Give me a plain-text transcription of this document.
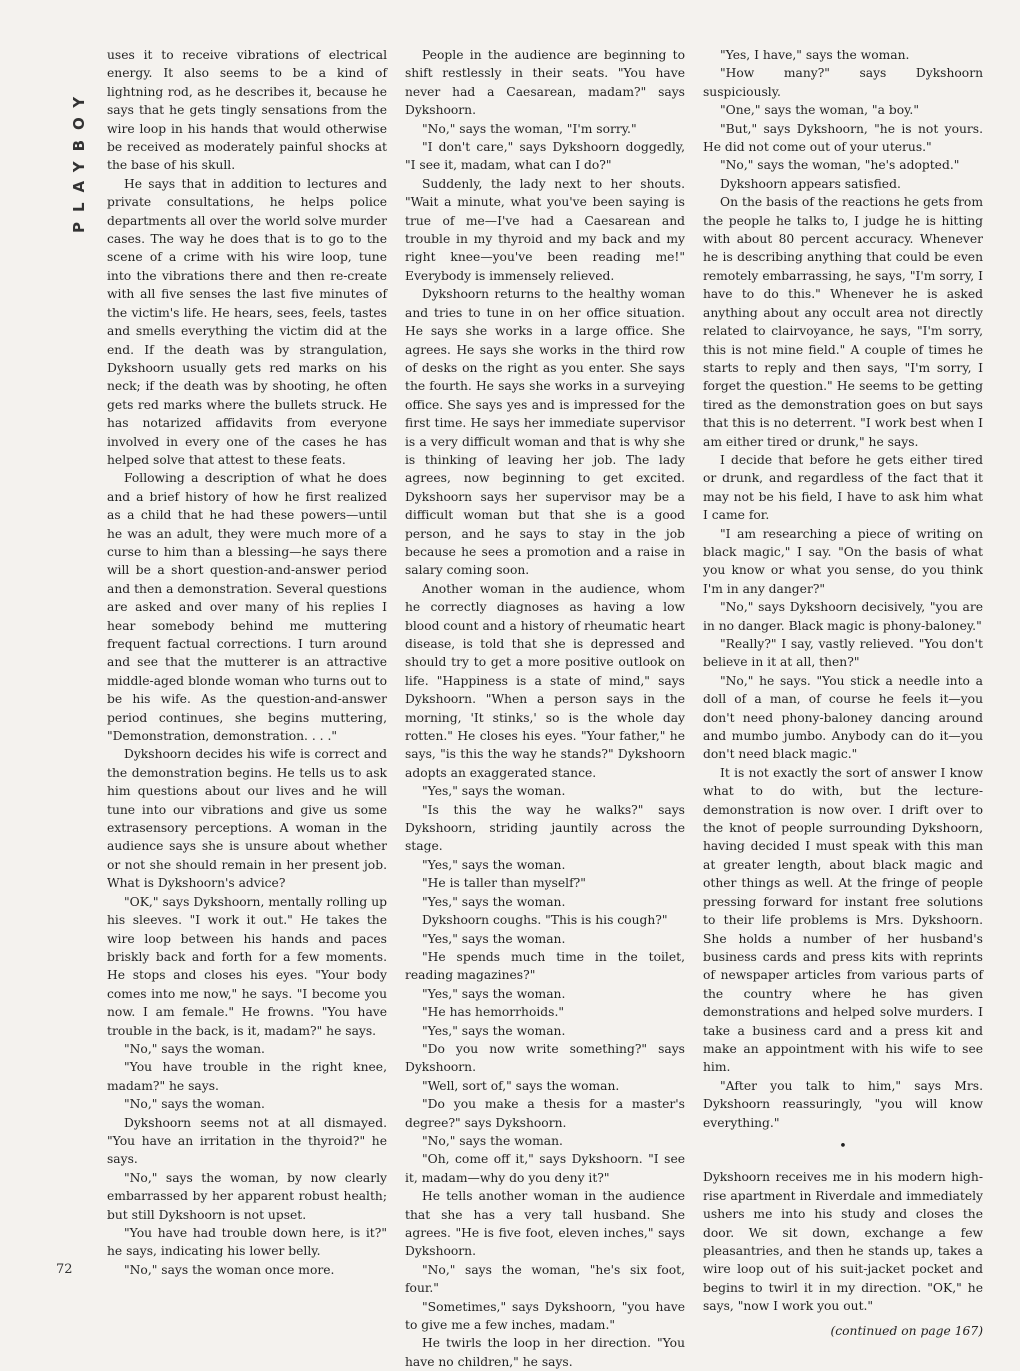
PLAYBOY
72

uses it to receive vibrations of electrical energy. It also seems to be a kind of lightning rod, as he describes it, because he says that he gets tingly sensations from the wire loop in his hands that would otherwise be received as moderately painful shocks at the base of his skull.

He says that in addition to lectures and private consultations, he helps police departments all over the world solve murder cases. The way he does that is to go to the scene of a crime with his wire loop, tune into the vibrations there and then re-create with all five senses the last five minutes of the victim's life. He hears, sees, feels, tastes and smells everything the victim did at the end. If the death was by strangulation, Dykshoorn usually gets red marks on his neck; if the death was by shooting, he often gets red marks where the bullets struck. He has notarized affidavits from everyone involved in every one of the cases he has helped solve that attest to these feats.

Following a description of what he does and a brief history of how he first realized as a child that he had these powers—until he was an adult, they were much more of a curse to him than a blessing—he says there will be a short question-and-answer period and then a demonstration. Several questions are asked and over many of his replies I hear somebody behind me muttering frequent factual corrections. I turn around and see that the mutterer is an attractive middle-aged blonde woman who turns out to be his wife. As the question-and-answer period continues, she begins muttering, "Demonstration, demonstration. . . ."

Dykshoorn decides his wife is correct and the demonstration begins. He tells us to ask him questions about our lives and he will tune into our vibrations and give us some extrasensory perceptions. A woman in the audience says she is unsure about whether or not she should remain in her present job. What is Dykshoorn's advice?

"OK," says Dykshoorn, mentally rolling up his sleeves. "I work it out." He takes the wire loop between his hands and paces briskly back and forth for a few moments. He stops and closes his eyes. "Your body comes into me now," he says. "I become you now. I am female." He frowns. "You have trouble in the back, is it, madam?" he says.

"No," says the woman.

"You have trouble in the right knee, madam?" he says.

"No," says the woman.

Dykshoorn seems not at all dismayed. "You have an irritation in the thyroid?" he says.

"No," says the woman, by now clearly embarrassed by her apparent robust health; but still Dykshoorn is not upset.

"You have had trouble down here, is it?" he says, indicating his lower belly.

"No," says the woman once more.

People in the audience are beginning to shift restlessly in their seats. "You have never had a Caesarean, madam?" says Dykshoorn.

"No," says the woman, "I'm sorry."

"I don't care," says Dykshoorn doggedly, "I see it, madam, what can I do?"

Suddenly, the lady next to her shouts. "Wait a minute, what you've been saying is true of me—I've had a Caesarean and trouble in my thyroid and my back and my right knee—you've been reading me!" Everybody is immensely relieved.

Dykshoorn returns to the healthy woman and tries to tune in on her office situation. He says she works in a large office. She agrees. He says she works in the third row of desks on the right as you enter. She says the fourth. He says she works in a surveying office. She says yes and is impressed for the first time. He says her immediate supervisor is a very difficult woman and that is why she is thinking of leaving her job. The lady agrees, now beginning to get excited. Dykshoorn says her supervisor may be a difficult woman but that she is a good person, and he says to stay in the job because he sees a promotion and a raise in salary coming soon.

Another woman in the audience, whom he correctly diagnoses as having a low blood count and a history of rheumatic heart disease, is told that she is depressed and should try to get a more positive outlook on life. "Happiness is a state of mind," says Dykshoorn. "When a person says in the morning, 'It stinks,' so is the whole day rotten." He closes his eyes. "Your father," he says, "is this the way he stands?" Dykshoorn adopts an exaggerated stance.

"Yes," says the woman.

"Is this the way he walks?" says Dykshoorn, striding jauntily across the stage.

"Yes," says the woman.

"He is taller than myself?"

"Yes," says the woman.

Dykshoorn coughs. "This is his cough?"

"Yes," says the woman.

"He spends much time in the toilet, reading magazines?"

"Yes," says the woman.

"He has hemorrhoids."

"Yes," says the woman.

"Do you now write something?" says Dykshoorn.

"Well, sort of," says the woman.

"Do you make a thesis for a master's degree?" says Dykshoorn.

"No," says the woman.

"Oh, come off it," says Dykshoorn. "I see it, madam—why do you deny it?"

He tells another woman in the audience that she has a very tall husband. She agrees. "He is five foot, eleven inches," says Dykshoorn.

"No," says the woman, "he's six foot, four."

"Sometimes," says Dykshoorn, "you have to give me a few inches, madam."

He twirls the loop in her direction. "You have no children," he says.

"Yes, I have," says the woman.

"How many?" says Dykshoorn suspiciously.

"One," says the woman, "a boy."

"But," says Dykshoorn, "he is not yours. He did not come out of your uterus."

"No," says the woman, "he's adopted."

Dykshoorn appears satisfied.

On the basis of the reactions he gets from the people he talks to, I judge he is hitting with about 80 percent accuracy. Whenever he is describing anything that could be even remotely embarrassing, he says, "I'm sorry, I have to do this." Whenever he is asked anything about any occult area not directly related to clairvoyance, he says, "I'm sorry, this is not mine field." A couple of times he starts to reply and then says, "I'm sorry, I forget the question." He seems to be getting tired as the demonstration goes on but says that this is no deterrent. "I work best when I am either tired or drunk," he says.

I decide that before he gets either tired or drunk, and regardless of the fact that it may not be his field, I have to ask him what I came for.

"I am researching a piece of writing on black magic," I say. "On the basis of what you know or what you sense, do you think I'm in any danger?"

"No," says Dykshoorn decisively, "you are in no danger. Black magic is phony-baloney."

"Really?" I say, vastly relieved. "You don't believe in it at all, then?"

"No," he says. "You stick a needle into a doll of a man, of course he feels it—you don't need phony-baloney dancing around and mumbo jumbo. Anybody can do it—you don't need black magic."

It is not exactly the sort of answer I know what to do with, but the lecture-demonstration is now over. I drift over to the knot of people surrounding Dykshoorn, having decided I must speak with this man at greater length, about black magic and other things as well. At the fringe of people pressing forward for instant free solutions to their life problems is Mrs. Dykshoorn. She holds a number of her husband's business cards and press kits with reprints of newspaper articles from various parts of the country where he has given demonstrations and helped solve murders. I take a business card and a press kit and make an appointment with his wife to see him.

"After you talk to him," says Mrs. Dykshoorn reassuringly, "you will know everything."

•

Dykshoorn receives me in his modern high-rise apartment in Riverdale and immediately ushers me into his study and closes the door. We sit down, exchange a few pleasantries, and then he stands up, takes a wire loop out of his suit-jacket pocket and begins to twirl it in my direction. "OK," he says, "now I work you out."

(continued on page 167)
